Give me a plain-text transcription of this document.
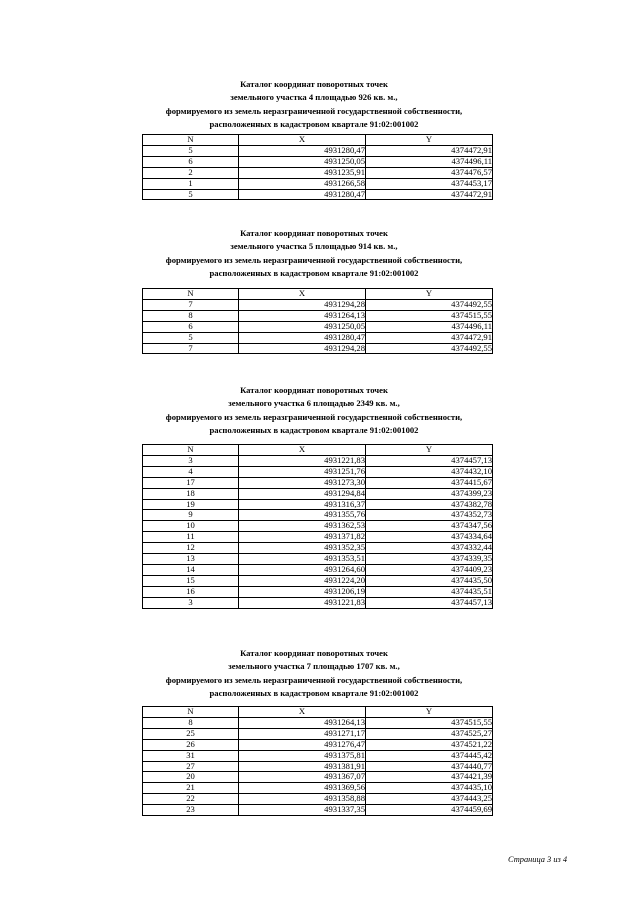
Каталог координат поворотных точек
земельного участка 4 площадью 926 кв. м.,
формируемого из земель неразграниченной государственной собственности,
расположенных в кадастровом квартале 91:02:001002
N	X	Y
5	4931280,47	4374472,91
6	4931250,05	4374496,11
2	4931235,91	4374476,57
1	4931266,58	4374453,17
5	4931280,47	4374472,91
Каталог координат поворотных точек
земельного участка 5 площадью 914 кв. м.,
формируемого из земель неразграниченной государственной собственности,
расположенных в кадастровом квартале 91:02:001002
N	X	Y
7	4931294,28	4374492,55
8	4931264,13	4374515,55
6	4931250,05	4374496,11
5	4931280,47	4374472,91
7	4931294,28	4374492,55
Каталог координат поворотных точек
земельного участка 6 площадью 2349 кв. м.,
формируемого из земель неразграниченной государственной собственности,
расположенных в кадастровом квартале 91:02:001002
N	X	Y
3	4931221,83	4374457,13
4	4931251,76	4374432,10
17	4931273,30	4374415,67
18	4931294,84	4374399,23
19	4931316,37	4374382,78
9	4931355,76	4374352,73
10	4931362,53	4374347,56
11	4931371,82	4374334,64
12	4931352,35	4374332,44
13	4931353,51	4374339,35
14	4931264,60	4374409,23
15	4931224,20	4374435,50
16	4931206,19	4374435,51
3	4931221,83	4374457,13
Каталог координат поворотных точек
земельного участка 7 площадью 1707 кв. м.,
формируемого из земель неразграниченной государственной собственности,
расположенных в кадастровом квартале 91:02:001002
N	X	Y
8	4931264,13	4374515,55
25	4931271,17	4374525,27
26	4931276,47	4374521,22
31	4931375,81	4374445,42
27	4931381,91	4374440,77
20	4931367,07	4374421,39
21	4931369,56	4374435,10
22	4931358,88	4374443,25
23	4931337,35	4374459,69
Страница 3 из 4
